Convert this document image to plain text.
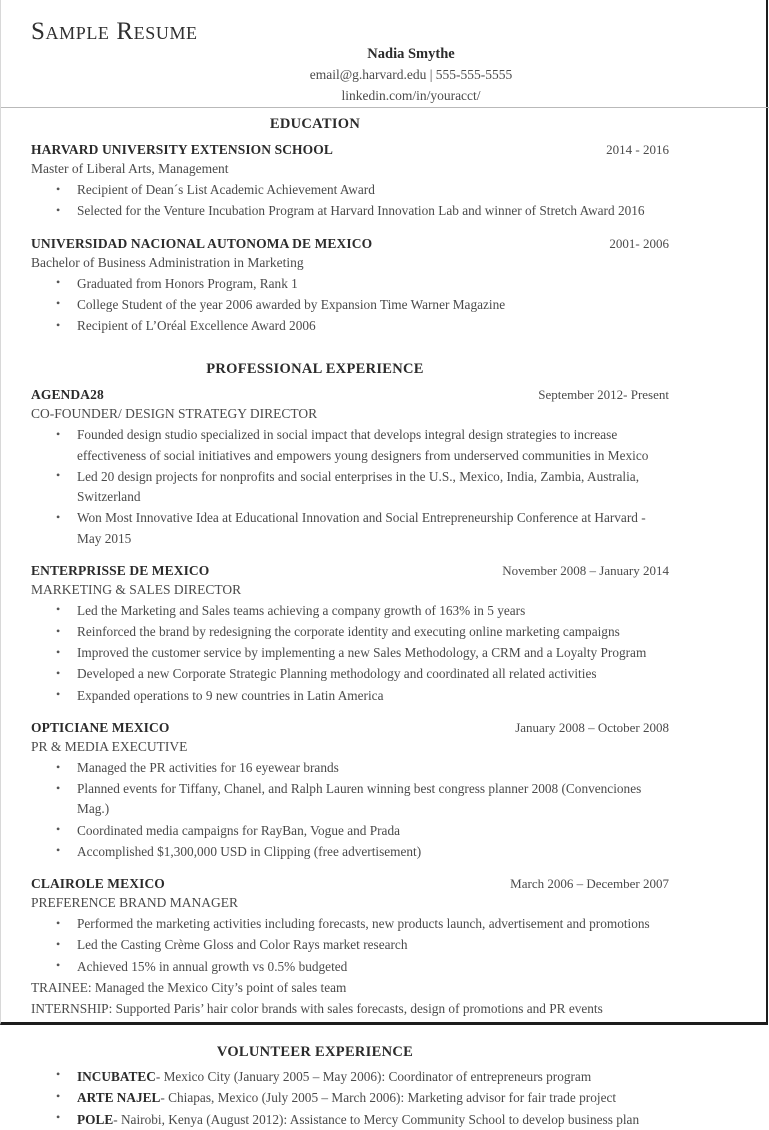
Sample Resume
Nadia Smythe
email@g.harvard.edu | 555-555-5555
linkedin.com/in/youracct/
EDUCATION
HARVARD UNIVERSITY EXTENSION SCHOOL	2014 - 2016
Master of Liberal Arts, Management
• Recipient of Dean´s List Academic Achievement Award
• Selected for the Venture Incubation Program at Harvard Innovation Lab and winner of Stretch Award 2016
UNIVERSIDAD NACIONAL AUTONOMA DE MEXICO	2001- 2006
Bachelor of Business Administration in Marketing
• Graduated from Honors Program, Rank 1
• College Student of the year 2006 awarded by Expansion Time Warner Magazine
• Recipient of L’Oréal Excellence Award 2006
PROFESSIONAL EXPERIENCE
AGENDA28	September 2012- Present
CO-FOUNDER/ DESIGN STRATEGY DIRECTOR
• Founded design studio specialized in social impact that develops integral design strategies to increase effectiveness of social initiatives and empowers young designers from underserved communities in Mexico
• Led 20 design projects for nonprofits and social enterprises in the U.S., Mexico, India, Zambia, Australia, Switzerland
• Won Most Innovative Idea at Educational Innovation and Social Entrepreneurship Conference at Harvard - May 2015
ENTERPRISSE DE MEXICO	November 2008 – January 2014
MARKETING & SALES DIRECTOR
• Led the Marketing and Sales teams achieving a company growth of 163% in 5 years
• Reinforced the brand by redesigning the corporate identity and executing online marketing campaigns
• Improved the customer service by implementing a new Sales Methodology, a CRM and a Loyalty Program
• Developed a new Corporate Strategic Planning methodology and coordinated all related activities
• Expanded operations to 9 new countries in Latin America
OPTICIANE MEXICO	January 2008 – October 2008
PR & MEDIA EXECUTIVE
• Managed the PR activities for 16 eyewear brands
• Planned events for Tiffany, Chanel, and Ralph Lauren winning best congress planner 2008 (Convenciones Mag.)
• Coordinated media campaigns for RayBan, Vogue and Prada
• Accomplished $1,300,000 USD in Clipping (free advertisement)
CLAIROLE MEXICO	March 2006 – December 2007
PREFERENCE BRAND MANAGER
• Performed the marketing activities including forecasts, new products launch, advertisement and promotions
• Led the Casting Crème Gloss and Color Rays market research
• Achieved 15% in annual growth vs 0.5% budgeted
TRAINEE: Managed the Mexico City’s point of sales team
INTERNSHIP: Supported Paris’ hair color brands with sales forecasts, design of promotions and PR events
VOLUNTEER EXPERIENCE
• INCUBATEC- Mexico City (January 2005 – May 2006): Coordinator of entrepreneurs program
• ARTE NAJEL- Chiapas, Mexico (July 2005 – March 2006): Marketing advisor for fair trade project
• POLE- Nairobi, Kenya (August 2012): Assistance to Mercy Community School to develop business plan
